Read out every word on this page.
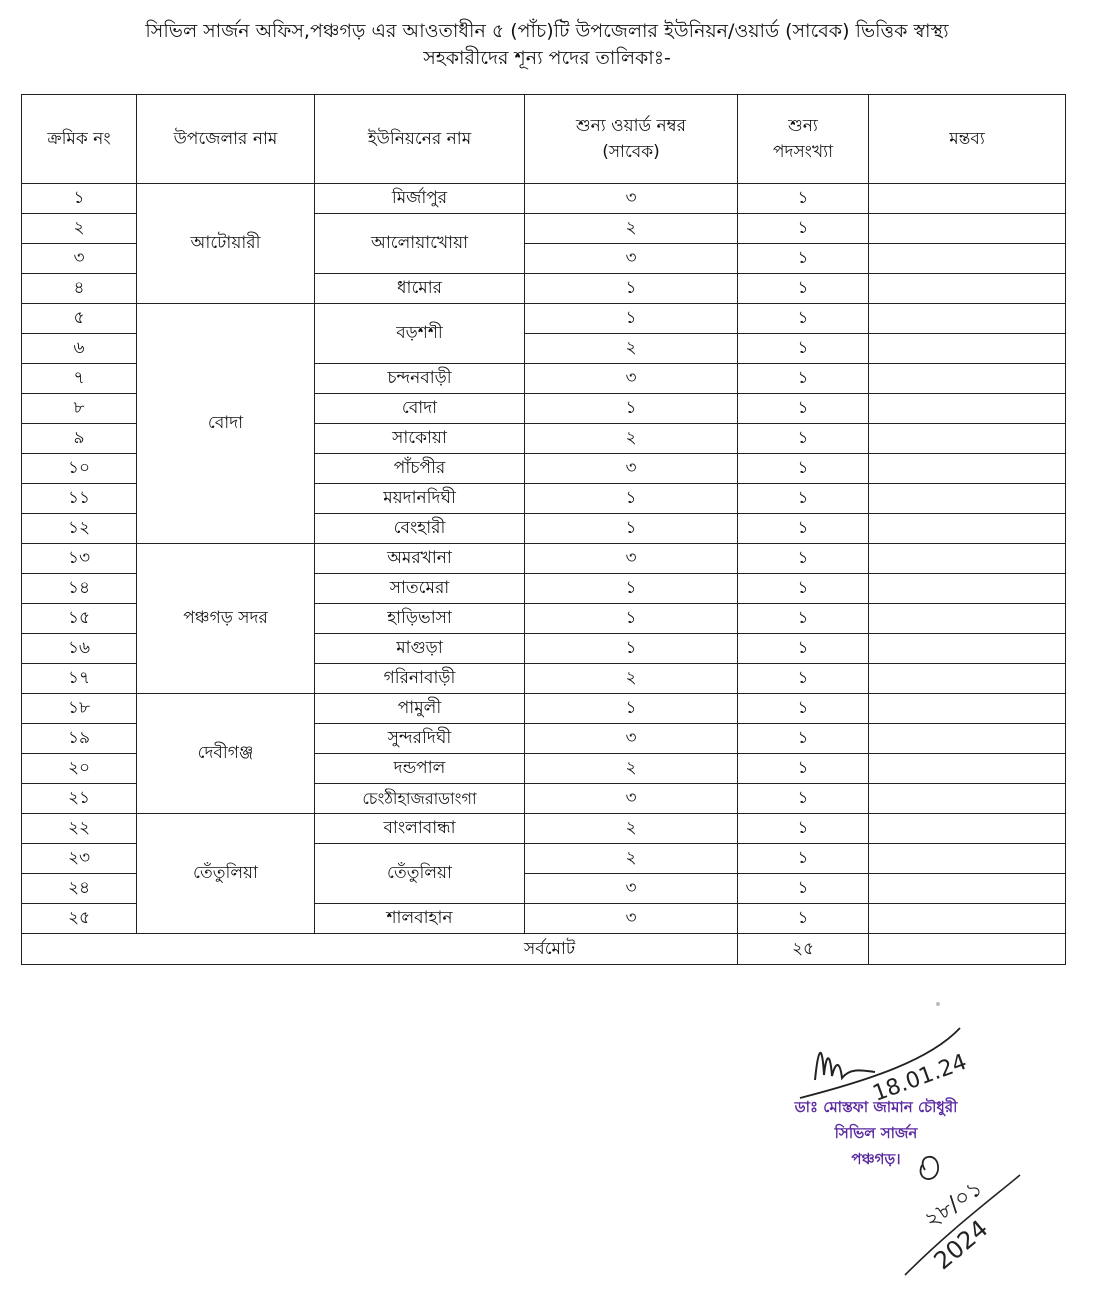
সিভিল সার্জন অফিস,পঞ্চগড় এর আওতাধীন ৫ (পাঁচ)টি উপজেলার ইউনিয়ন/ওয়ার্ড (সাবেক) ভিত্তিক স্বাস্থ্য
সহকারীদের শূন্য পদের তালিকাঃ-
ক্রমিক নং	উপজেলার নাম	ইউনিয়নের নাম	শুন্য ওয়ার্ড নম্বর (সাবেক)	শুন্য পদসংখ্যা	মন্তব্য
১	আটোয়ারী	মির্জাপুর	৩	১	
২		আলোয়াখোয়া	২	১	
৩			৩	১	
৪		ধামোর	১	১	
৫	বোদা	বড়শশী	১	১	
৬			২	১	
৭		চন্দনবাড়ী	৩	১	
৮		বোদা	১	১	
৯		সাকোয়া	২	১	
১০		পাঁচপীর	৩	১	
১১		ময়দানদিঘী	১	১	
১২		বেংহারী	১	১	
১৩	পঞ্চগড় সদর	অমরখানা	৩	১	
১৪		সাতমেরা	১	১	
১৫		হাড়িভাসা	১	১	
১৬		মাগুড়া	১	১	
১৭		গরিনাবাড়ী	২	১	
১৮	দেবীগঞ্জ	পামুলী	১	১	
১৯		সুন্দরদিঘী	৩	১	
২০		দন্ডপাল	২	১	
২১		চেংঠীহাজরাডাংগা	৩	১	
২২	তেঁতুলিয়া	বাংলাবান্ধা	২	১	
২৩		তেঁতুলিয়া	২	১	
২৪			৩	১	
২৫		শালবাহান	৩	১	
সর্বমোট				২৫	
18.01.24
২৮/০১
2024
ডাঃ মোস্তফা জামান চৌধুরী
সিভিল সার্জন
পঞ্চগড়।
